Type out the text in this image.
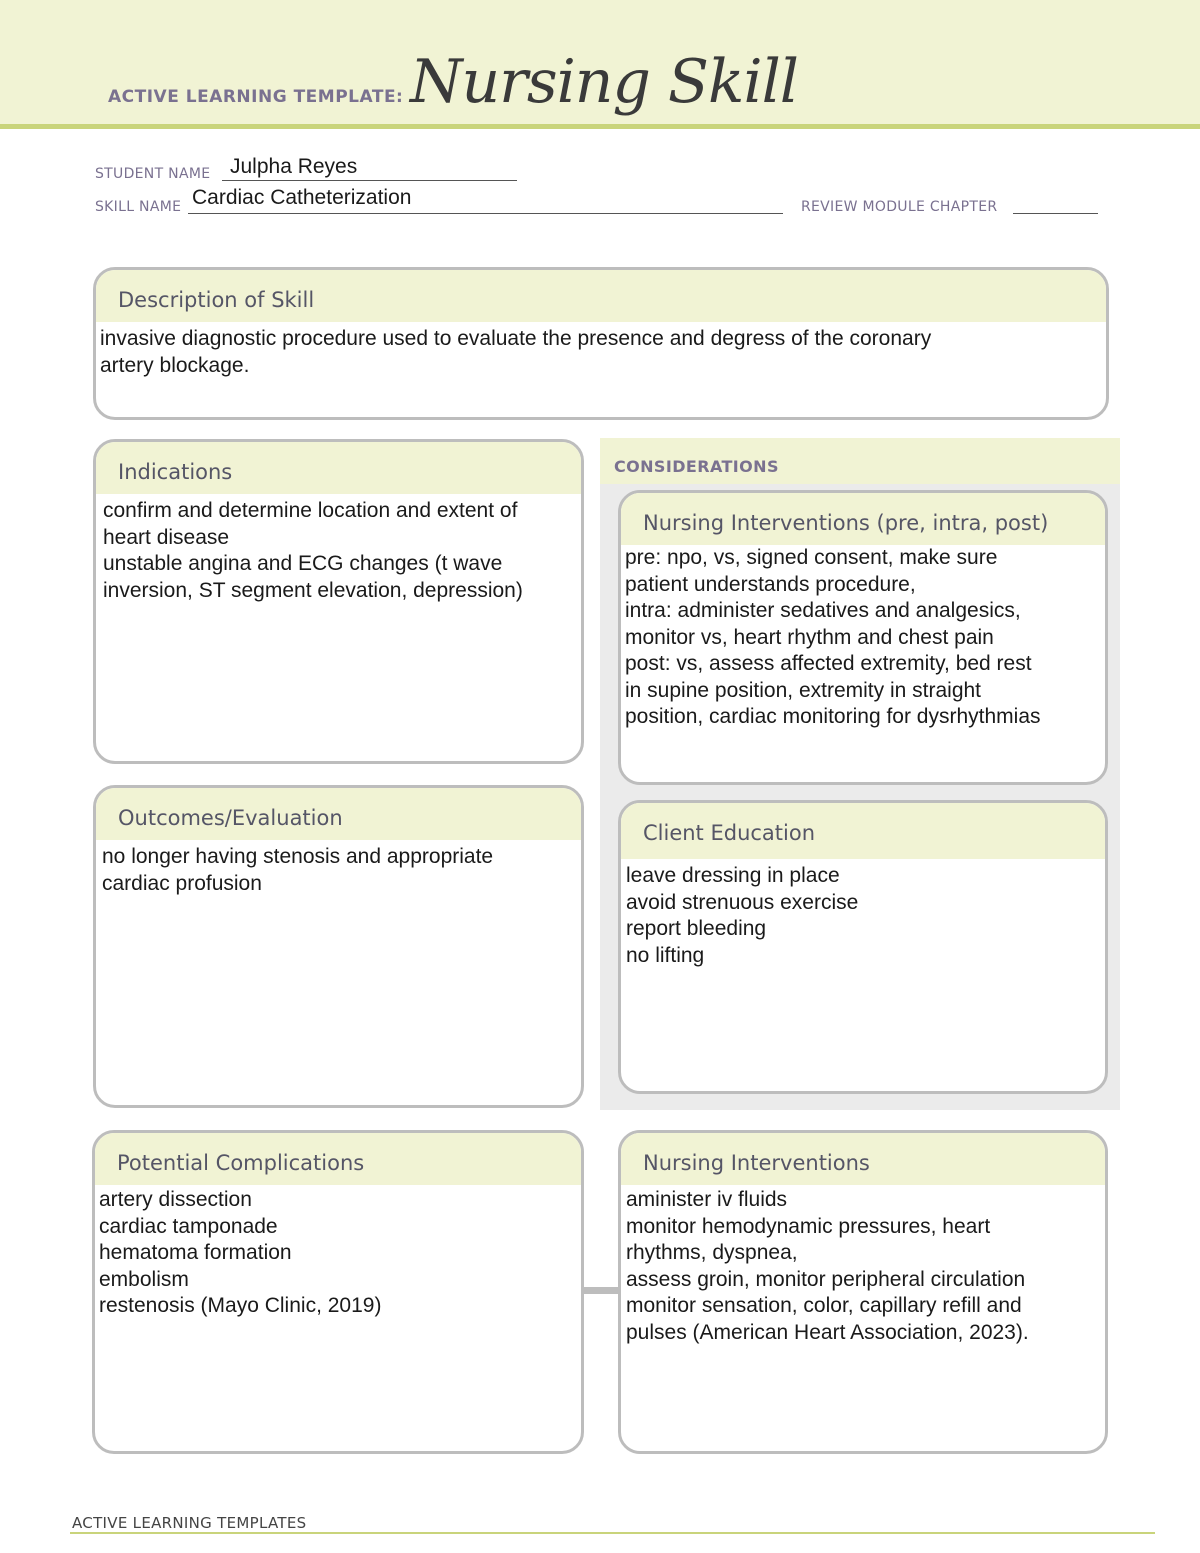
ACTIVE LEARNING TEMPLATE: Nursing Skill
STUDENT NAME Julpha Reyes
SKILL NAME Cardiac Catheterization	REVIEW MODULE CHAPTER
Description of Skill
invasive diagnostic procedure used to evaluate the presence and degress of the coronary
artery blockage.
Indications
confirm and determine location and extent of
heart disease
unstable angina and ECG changes (t wave
inversion, ST segment elevation, depression)
Outcomes/Evaluation
no longer having stenosis and appropriate
cardiac profusion
CONSIDERATIONS
Nursing Interventions (pre, intra, post)
pre: npo, vs, signed consent, make sure
patient understands procedure,
intra: administer sedatives and analgesics,
monitor vs, heart rhythm and chest pain
post: vs, assess affected extremity, bed rest
in supine position, extremity in straight
position, cardiac monitoring for dysrhythmias
Client Education
leave dressing in place
avoid strenuous exercise
report bleeding
no lifting
Potential Complications
artery dissection
cardiac tamponade
hematoma formation
embolism
restenosis (Mayo Clinic, 2019)
Nursing Interventions
aminister iv fluids
monitor hemodynamic pressures, heart
rhythms, dyspnea,
assess groin, monitor peripheral circulation
monitor sensation, color, capillary refill and
pulses (American Heart Association, 2023).
ACTIVE LEARNING TEMPLATES
